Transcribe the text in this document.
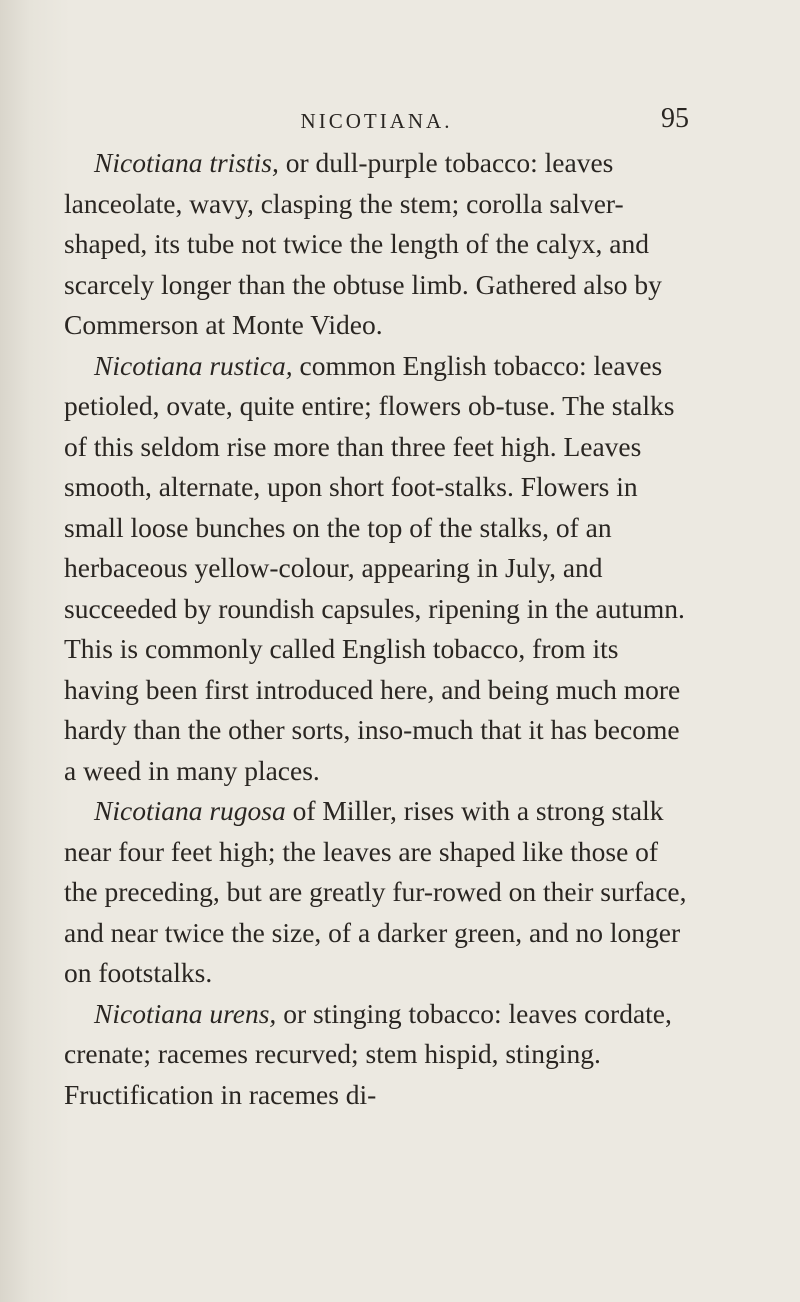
NICOTIANA.	95

Nicotiana tristis, or dull-purple tobacco: leaves lanceolate, wavy, clasping the stem; corolla salver-shaped, its tube not twice the length of the calyx, and scarcely longer than the obtuse limb. Gathered also by Commerson at Monte Video.

Nicotiana rustica, common English tobacco: leaves petioled, ovate, quite entire; flowers ob-tuse. The stalks of this seldom rise more than three feet high. Leaves smooth, alternate, upon short foot-stalks. Flowers in small loose bunches on the top of the stalks, of an herbaceous yellow-colour, appearing in July, and succeeded by roundish capsules, ripening in the autumn. This is commonly called English tobacco, from its having been first introduced here, and being much more hardy than the other sorts, inso-much that it has become a weed in many places.

Nicotiana rugosa of Miller, rises with a strong stalk near four feet high; the leaves are shaped like those of the preceding, but are greatly fur-rowed on their surface, and near twice the size, of a darker green, and no longer on footstalks.

Nicotiana urens, or stinging tobacco: leaves cordate, crenate; racemes recurved; stem hispid, stinging. Fructification in racemes di-
